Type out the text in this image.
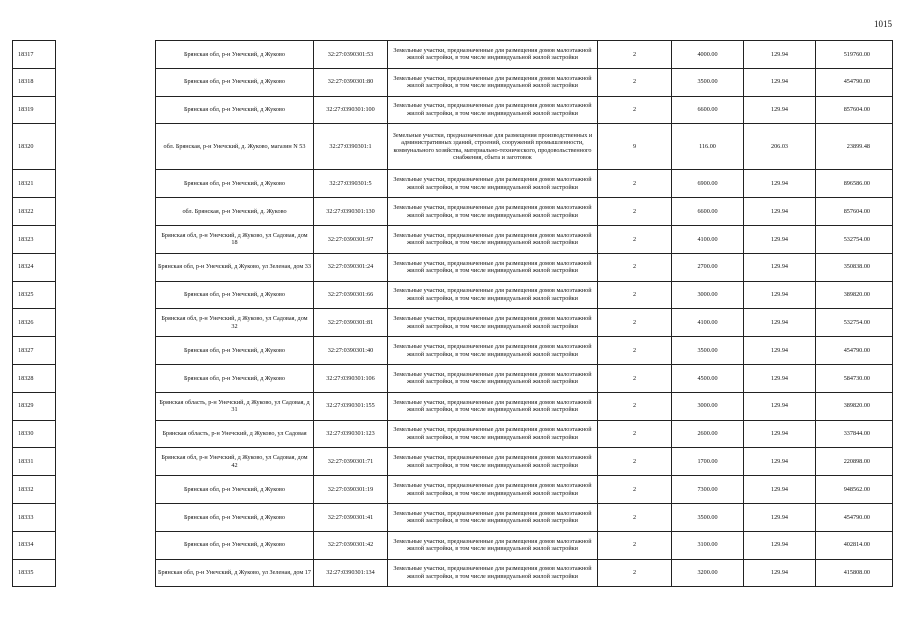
1015
18317		Брянская обл, р-н Унечский, д Жуково	32:27:0390301:53	Земельные участки, предназначенные для размещения домов малоэтажной жилой застройки, в том числе индивидуальной жилой застройки	2	4000.00	129.94	519760.00
18318		Брянская обл, р-н Унечский, д Жуково	32:27:0390301:80	Земельные участки, предназначенные для размещения домов малоэтажной жилой застройки, в том числе индивидуальной жилой застройки	2	3500.00	129.94	454790.00
18319		Брянская обл, р-н Унечский, д Жуково	32:27:0390301:100	Земельные участки, предназначенные для размещения домов малоэтажной жилой застройки, в том числе индивидуальной жилой застройки	2	6600.00	129.94	857604.00
18320		обл. Брянская, р-н Унечский, д. Жуково, магазин N 53	32:27:0390301:1	Земельные участки, предназначенные для размещения производственных и административных зданий, строений, сооружений промышленности, коммунального хозяйства, материально-технического, продовольственного снабжения, сбыта и заготовок	9	116.00	206.03	23899.48
18321		Брянская обл, р-н Унечский, д Жуково	32:27:0390301:5	Земельные участки, предназначенные для размещения домов малоэтажной жилой застройки, в том числе индивидуальной жилой застройки	2	6900.00	129.94	896586.00
18322		обл. Брянская, р-н Унечский, д. Жуково	32:27:0390301:130	Земельные участки, предназначенные для размещения домов малоэтажной жилой застройки, в том числе индивидуальной жилой застройки	2	6600.00	129.94	857604.00
18323		Брянская обл, р-н Унечский, д Жуково, ул Садовая, дом 18	32:27:0390301:97	Земельные участки, предназначенные для размещения домов малоэтажной жилой застройки, в том числе индивидуальной жилой застройки	2	4100.00	129.94	532754.00
18324		Брянская обл, р-н Унечский, д Жуково, ул Зеленая, дом 33	32:27:0390301:24	Земельные участки, предназначенные для размещения домов малоэтажной жилой застройки, в том числе индивидуальной жилой застройки	2	2700.00	129.94	350838.00
18325		Брянская обл, р-н Унечский, д Жуково	32:27:0390301:66	Земельные участки, предназначенные для размещения домов малоэтажной жилой застройки, в том числе индивидуальной жилой застройки	2	3000.00	129.94	389820.00
18326		Брянская обл, р-н Унечский, д Жуково, ул Садовая, дом 32	32:27:0390301:81	Земельные участки, предназначенные для размещения домов малоэтажной жилой застройки, в том числе индивидуальной жилой застройки	2	4100.00	129.94	532754.00
18327		Брянская обл, р-н Унечский, д Жуково	32:27:0390301:40	Земельные участки, предназначенные для размещения домов малоэтажной жилой застройки, в том числе индивидуальной жилой застройки	2	3500.00	129.94	454790.00
18328		Брянская обл, р-н Унечский, д Жуково	32:27:0390301:106	Земельные участки, предназначенные для размещения домов малоэтажной жилой застройки, в том числе индивидуальной жилой застройки	2	4500.00	129.94	584730.00
18329		Брянская область, р-н Унечский, д Жуково, ул Садовая, д 31	32:27:0390301:155	Земельные участки, предназначенные для размещения домов малоэтажной жилой застройки, в том числе индивидуальной жилой застройки	2	3000.00	129.94	389820.00
18330		Брянская область, р-н Унечский, д Жуково, ул Садовая	32:27:0390301:123	Земельные участки, предназначенные для размещения домов малоэтажной жилой застройки, в том числе индивидуальной жилой застройки	2	2600.00	129.94	337844.00
18331		Брянская обл, р-н Унечский, д Жуково, ул Садовая, дом 42	32:27:0390301:71	Земельные участки, предназначенные для размещения домов малоэтажной жилой застройки, в том числе индивидуальной жилой застройки	2	1700.00	129.94	220898.00
18332		Брянская обл, р-н Унечский, д Жуково	32:27:0390301:19	Земельные участки, предназначенные для размещения домов малоэтажной жилой застройки, в том числе индивидуальной жилой застройки	2	7300.00	129.94	948562.00
18333		Брянская обл, р-н Унечский, д Жуково	32:27:0390301:41	Земельные участки, предназначенные для размещения домов малоэтажной жилой застройки, в том числе индивидуальной жилой застройки	2	3500.00	129.94	454790.00
18334		Брянская обл, р-н Унечский, д Жуково	32:27:0390301:42	Земельные участки, предназначенные для размещения домов малоэтажной жилой застройки, в том числе индивидуальной жилой застройки	2	3100.00	129.94	402814.00
18335		Брянская обл, р-н Унечский, д Жуково, ул Зеленая, дом 17	32:27:0390301:134	Земельные участки, предназначенные для размещения домов малоэтажной жилой застройки, в том числе индивидуальной жилой застройки	2	3200.00	129.94	415808.00
